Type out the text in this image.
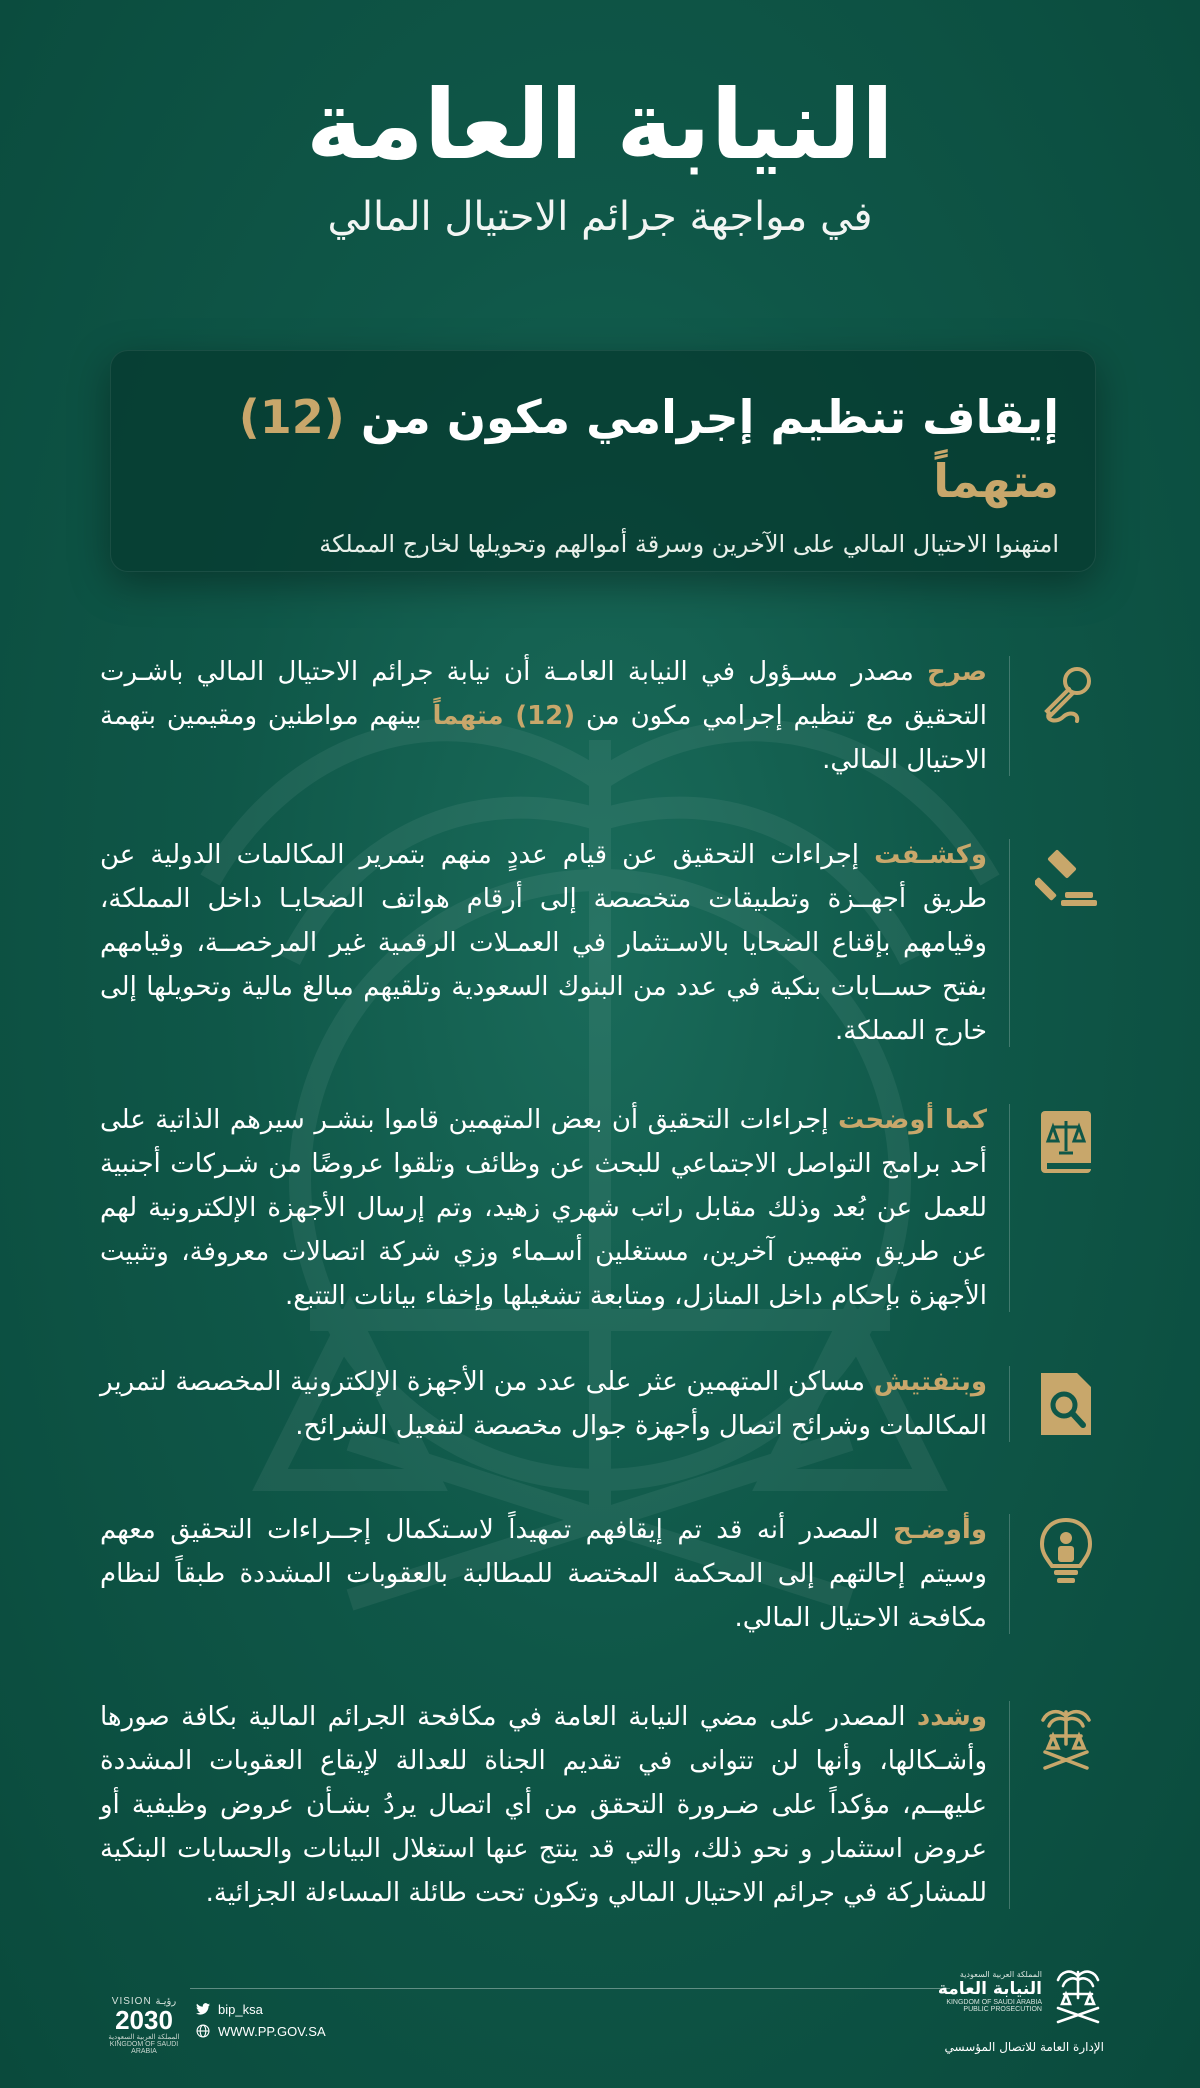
النيابة العامة
في مواجهة جرائم الاحتيال المالي
إيقاف تنظيم إجرامي مكون من (12) متهماً
امتهنوا الاحتيال المالي على الآخرين وسرقة أموالهم وتحويلها لخارج المملكة
صرح مصدر مسـؤول في النيابة العامـة أن نيابة جرائم الاحتيال المالي باشـرت التحقيق مع تنظيم إجرامي مكون من (12) متهماً بينهم مواطنين ومقيمين بتهمة الاحتيال المالي.
وكشـفت إجراءات التحقيق عن قيام عددٍ منهم بتمرير المكالمات الدولية عن طريق أجهــزة وتطبيقات متخصصة إلى أرقام هواتف الضحايـا داخل المملكة، وقيامهم بإقناع الضحايا بالاسـتثمار في العمـلات الرقمية غير المرخصــة، وقيامهم بفتح حســابات بنكية في عدد من البنوك السعودية وتلقيهم مبالغ مالية وتحويلها إلى خارج المملكة.
كما أوضحت إجراءات التحقيق أن بعض المتهمين قاموا بنشـر سيرهم الذاتية على أحد برامج التواصل الاجتماعي للبحث عن وظائف وتلقوا عروضًا من شـركات أجنبية للعمل عن بُعد وذلك مقابل راتب شهري زهيد، وتم إرسال الأجهزة الإلكترونية لهم عن طريق متهمين آخرين، مستغلين أسـماء وزي شركة اتصالات معروفة، وتثبيت الأجهزة بإحكام داخل المنازل، ومتابعة تشغيلها وإخفاء بيانات التتبع.
وبتفتيش مساكن المتهمين عثر على عدد من الأجهزة الإلكترونية المخصصة لتمرير المكالمات وشرائح اتصال وأجهزة جوال مخصصة لتفعيل الشرائح.
وأوضـح المصدر أنه قد تم إيقافهم تمهيداً لاسـتكمال إجــراءات التحقيق معهم وسيتم إحالتهم إلى المحكمة المختصة للمطالبة بالعقوبات المشددة طبقاً لنظام مكافحة الاحتيال المالي.
وشدد المصدر على مضي النيابة العامة في مكافحة الجرائم المالية بكافة صورها وأشـكالها، وأنها لن تتوانى في تقديم الجناة للعدالة لإيقاع العقوبات المشددة عليهــم، مؤكداً على ضـرورة التحقق من أي اتصال يردُ بشـأن عروض وظيفية أو عروض استثمار و نحو ذلك، والتي قد ينتج عنها استغلال البيانات والحسابات البنكية للمشاركة في جرائم الاحتيال المالي وتكون تحت طائلة المساءلة الجزائية.
VISION رؤيـة
2030
المملكة العربية السعودية KINGDOM OF SAUDI ARABIA
bip_ksa
WWW.PP.GOV.SA
المملكة العربية السعودية
النيابة العامة
KINGDOM OF SAUDI ARABIA
PUBLIC PROSECUTION
الإدارة العامة للاتصال المؤسسي
